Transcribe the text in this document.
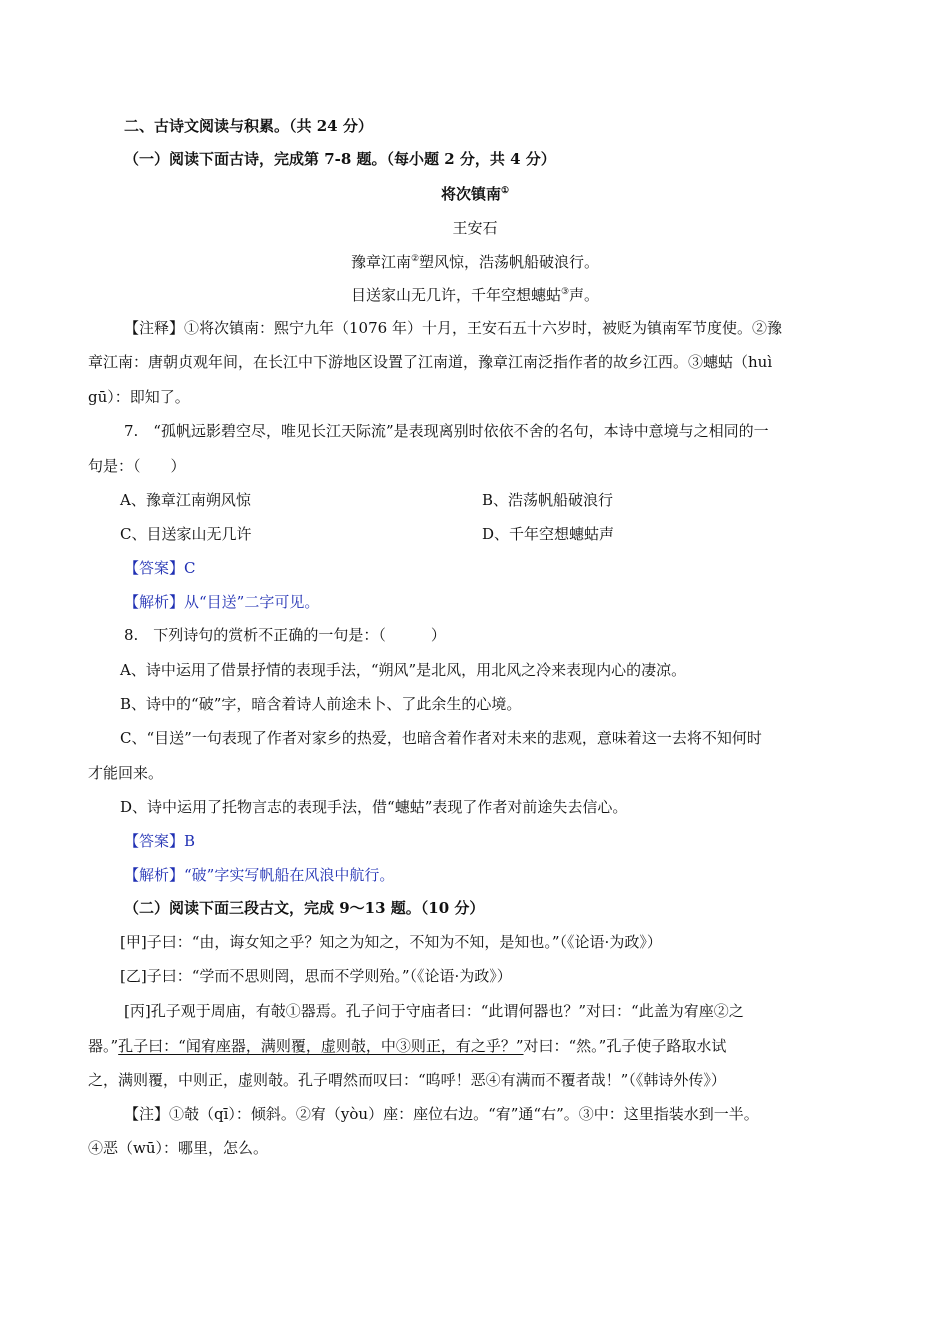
二、古诗文阅读与积累。（共 24 分）
（一）阅读下面古诗，完成第 7-8 题。（每小题 2 分，共 4 分）
将次镇南①
王安石
豫章江南②塑风惊，浩荡帆船破浪行。
目送家山无几许，千年空想蟪蛄③声。
【注释】①将次镇南：熙宁九年（1076 年）十月，王安石五十六岁时，被贬为镇南军节度使。②豫
章江南：唐朝贞观年间，在长江中下游地区设置了江南道，豫章江南泛指作者的故乡江西。③蟪蛄（huì
gū）：即知了。
7.　“孤帆远影碧空尽，唯见长江天际流”是表现离别时依依不舍的名句，本诗中意境与之相同的一
句是：（　　）
A、豫章江南朔风惊	B、浩荡帆船破浪行
C、目送家山无几许	D、千年空想蟪蛄声
【答案】C
【解析】从“目送”二字可见。
8.　下列诗句的赏析不正确的一句是：（　　　）
A、诗中运用了借景抒情的表现手法，“朔风”是北风，用北风之冷来表现内心的凄凉。
B、诗中的“破”字，暗含着诗人前途未卜、了此余生的心境。
C、“目送”一句表现了作者对家乡的热爱，也暗含着作者对未来的悲观，意味着这一去将不知何时
才能回来。
D、诗中运用了托物言志的表现手法，借“蟪蛄”表现了作者对前途失去信心。
【答案】B
【解析】“破”字实写帆船在风浪中航行。
（二）阅读下面三段古文，完成 9～13 题。（10 分）
[甲]子曰：“由，诲女知之乎？知之为知之，不知为不知，是知也。”（《论语·为政》）
[乙]子曰：“学而不思则罔，思而不学则殆。”（《论语·为政》）
[丙]孔子观于周庙，有攲①器焉。孔子问于守庙者曰：“此谓何器也？”对曰：“此盖为宥座②之
器。”孔子曰：“闻宥座器，满则覆，虚则攲，中③则正，有之乎？”对曰：“然。”孔子使子路取水试
之，满则覆，中则正，虚则攲。孔子喟然而叹曰：“呜呼！恶④有满而不覆者哉！”（《韩诗外传》）
【注】①攲（qī）：倾斜。②宥（yòu）座：座位右边。“宥”通“右”。③中：这里指装水到一半。
④恶（wū）：哪里，怎么。
